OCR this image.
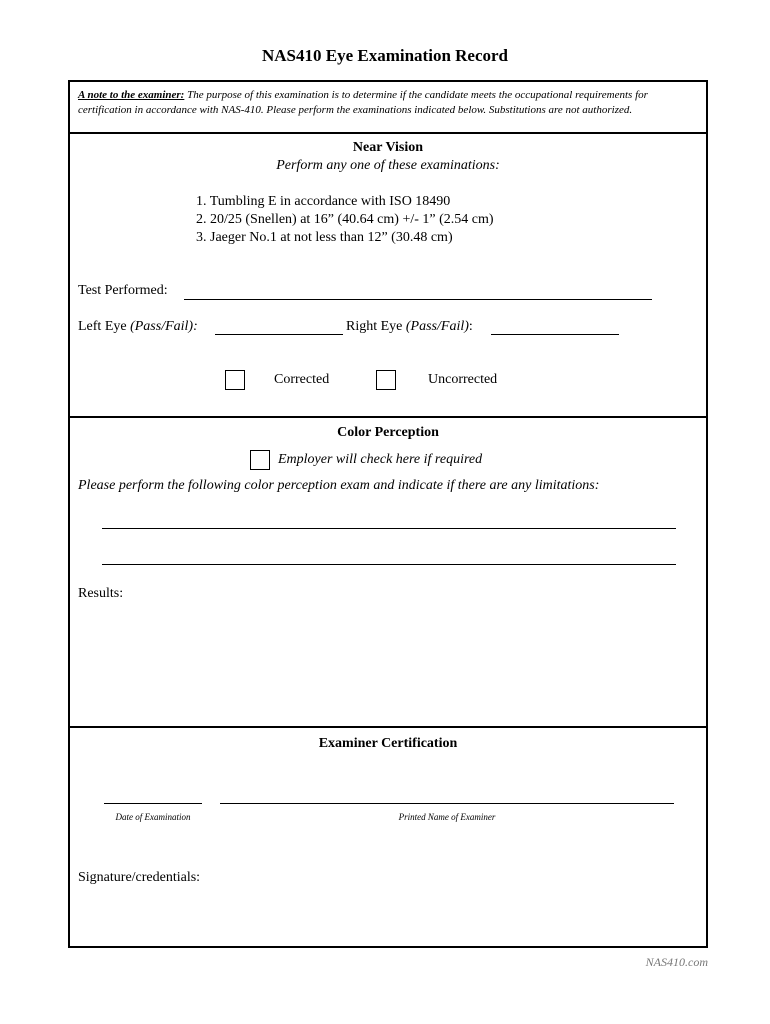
NAS410 Eye Examination Record
A note to the examiner: The purpose of this examination is to determine if the candidate meets the occupational requirements for certification in accordance with NAS-410. Please perform the examinations indicated below. Substitutions are not authorized.
Near Vision
Perform any one of these examinations:
1. Tumbling E in accordance with ISO 18490
2. 20/25 (Snellen) at 16” (40.64 cm) +/- 1” (2.54 cm)
3. Jaeger No.1 at not less than 12” (30.48 cm)
Test Performed:
Left Eye (Pass/Fail):	Right Eye (Pass/Fail):
Corrected	Uncorrected
Color Perception
Employer will check here if required
Please perform the following color perception exam and indicate if there are any limitations:
Results:
Examiner Certification
Date of Examination	Printed Name of Examiner
Signature/credentials:
NAS410.com
